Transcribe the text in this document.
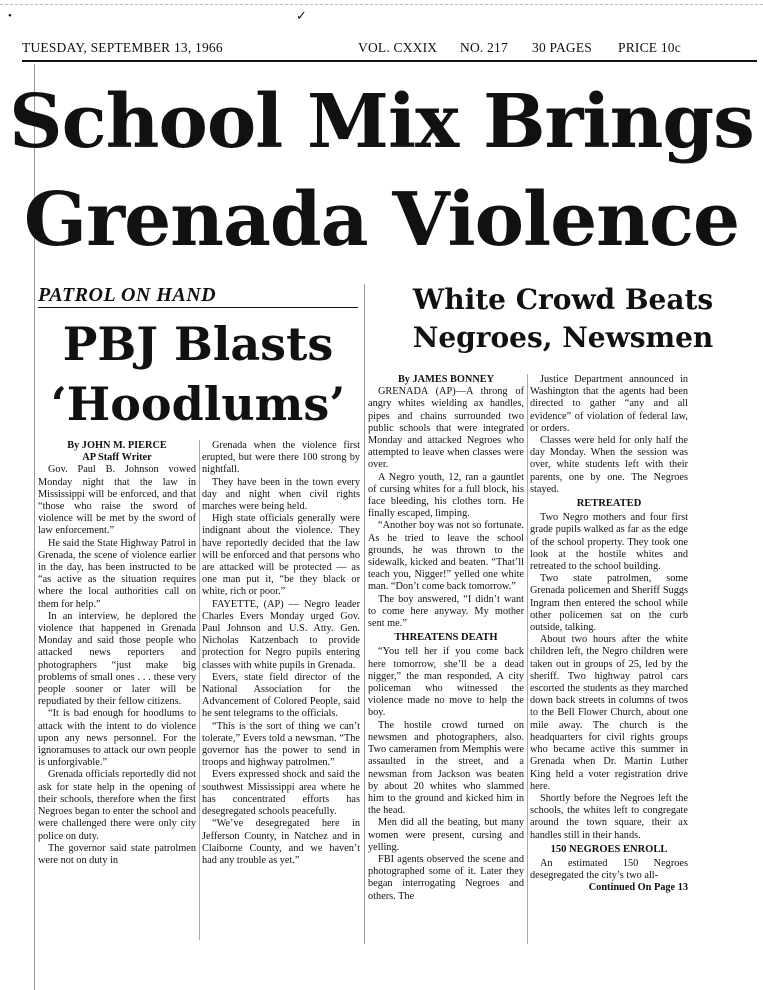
•	✓
TUESDAY, SEPTEMBER 13, 1966	VOL. CXXIX NO. 217 30 PAGES PRICE 10c
School Mix Brings
Grenada Violence
PATROL ON HAND
PBJ Blasts
‘Hoodlums’
White Crowd Beats
Negroes, Newsmen

By JOHN M. PIERCE

AP Staff Writer

Gov. Paul B. Johnson vowed Monday night that the law in Mississippi will be enforced, and that “those who raise the sword of violence will be met by the sword of law enforcement.”

He said the State Highway Patrol in Grenada, the scene of violence earlier in the day, has been instructed to be “as active as the situation requires where the local authorities call on them for help.”

In an interview, he deplored the violence that happened in Grenada Monday and said those people who attacked news reporters and photographers “just make big problems of small ones . . . these very people sooner or later will be repudiated by their fellow citizens.

“It is bad enough for hoodlums to attack with the intent to do violence upon any news personnel. For the ignoramuses to attack our own people is unforgivable.”

Grenada officials reportedly did not ask for state help in the opening of their schools, therefore when the first Negroes began to enter the school and were challenged there were only city police on duty.

The governor said state patrolmen were not on duty in

Grenada when the violence first erupted, but were there 100 strong by nightfall.

They have been in the town every day and night when civil rights marches were being held.

High state officials generally were indignant about the violence. They have reportedly decided that the law will be enforced and that persons who are attacked will be protected — as one man put it, “be they black or white, rich or poor.”

FAYETTE, (AP) — Negro leader Charles Evers Monday urged Gov. Paul Johnson and U.S. Atty. Gen. Nicholas Katzenbach to provide protection for Negro pupils entering classes with white pupils in Grenada.

Evers, state field director of the National Association for the Advancement of Colored People, said he sent telegrams to the officials.

“This is the sort of thing we can’t tolerate,” Evers told a newsman. “The governor has the power to send in troops and highway patrolmen.”

Evers expressed shock and said the southwest Mississippi area where he has concentrated efforts has desegregated schools peacefully.

“We’ve desegregated here in Jefferson County, in Natchez and in Claiborne County, and we haven’t had any trouble as yet.”

By JAMES BONNEY

GRENADA (AP)—A throng of angry whites wielding ax handles, pipes and chains surrounded two public schools that were integrated Monday and attacked Negroes who attempted to leave when classes were over.

A Negro youth, 12, ran a gauntlet of cursing whites for a full block, his face bleeding, his clothes torn. He finally escaped, limping.

“Another boy was not so fortunate. As he tried to leave the school grounds, he was thrown to the sidewalk, kicked and beaten. “That’ll teach you, Nigger!” yelled one white man. “Don’t come back tomorrow.”

The boy answered, “I didn’t want to come here anyway. My mother sent me.”

THREATENS DEATH

“You tell her if you come back here tomorrow, she’ll be a dead nigger,” the man responded. A city policeman who witnessed the violence made no move to help the boy.

The hostile crowd turned on newsmen and photographers, also. Two cameramen from Memphis were assaulted in the street, and a newsman from Jackson was beaten by about 20 whites who slammed him to the ground and kicked him in the head.

Men did all the beating, but many women were present, cursing and yelling.

FBI agents observed the scene and photographed some of it. Later they began interrogating Negroes and others. The

Justice Department announced in Washington that the agents had been directed to gather “any and all evidence” of violation of federal law, or orders.

Classes were held for only half the day Monday. When the session was over, white students left with their parents, one by one. The Negroes stayed.

RETREATED

Two Negro mothers and four first grade pupils walked as far as the edge of the school property. They took one look at the hostile whites and retreated to the school building.

Two state patrolmen, some Grenada policemen and Sheriff Suggs Ingram then entered the school while other policemen sat on the curb outside, talking.

About two hours after the white children left, the Negro children were taken out in groups of 25, led by the sheriff. Two highway patrol cars escorted the students as they marched down back streets in columns of twos to the Bell Flower Church, about one mile away. The church is the headquarters for civil rights groups who became active this summer in Grenada when Dr. Martin Luther King held a voter registration drive here.

Shortly before the Negroes left the schools, the whites left to congregate around the town square, their ax handles still in their hands.

150 NEGROES ENROLL

An estimated 150 Negroes desegregated the city’s two all-

Continued On Page 13
